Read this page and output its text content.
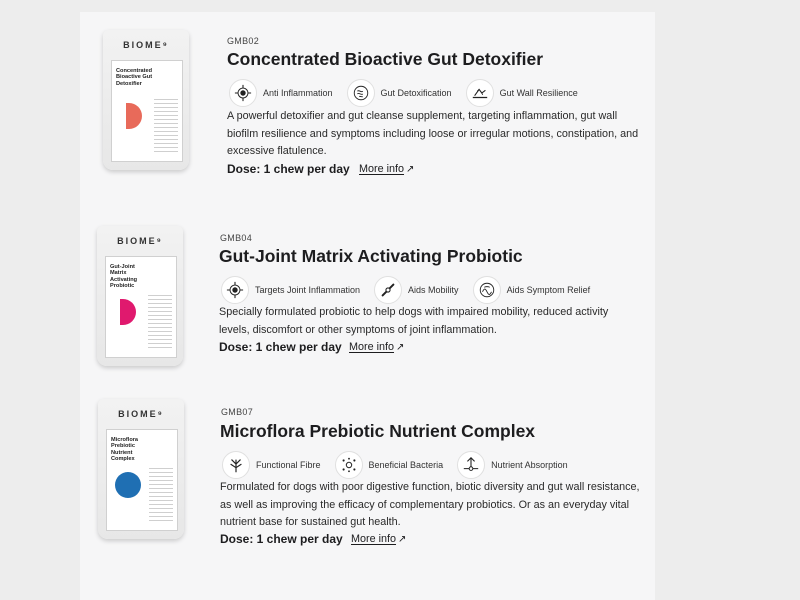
BIOME⁹
Concentrated Bioactive Gut Detoxifier
GMB02
Concentrated Bioactive Gut Detoxifier
Anti Inflammation	Gut Detoxification	Gut Wall Resilience
A powerful detoxifier and gut cleanse supplement, targeting inflammation, gut wall biofilm resilience and symptoms including loose or irregular motions, constipation, and excessive flatulence.
Dose: 1 chew per day More info ↗
BIOME⁹
Gut-Joint Matrix Activating Probiotic
GMB04
Gut-Joint Matrix Activating Probiotic
Targets Joint Inflammation	Aids Mobility	Aids Symptom Relief
Specially formulated probiotic to help dogs with impaired mobility, reduced activity levels, discomfort or other symptoms of joint inflammation.
Dose: 1 chew per day More info ↗
BIOME⁹
Microflora Prebiotic Nutrient Complex
GMB07
Microflora Prebiotic Nutrient Complex
Functional Fibre	Beneficial Bacteria	Nutrient Absorption
Formulated for dogs with poor digestive function, biotic diversity and gut wall resistance, as well as improving the efficacy of complementary probiotics. Or as an everyday vital nutrient base for sustained gut health.
Dose: 1 chew per day More info ↗
